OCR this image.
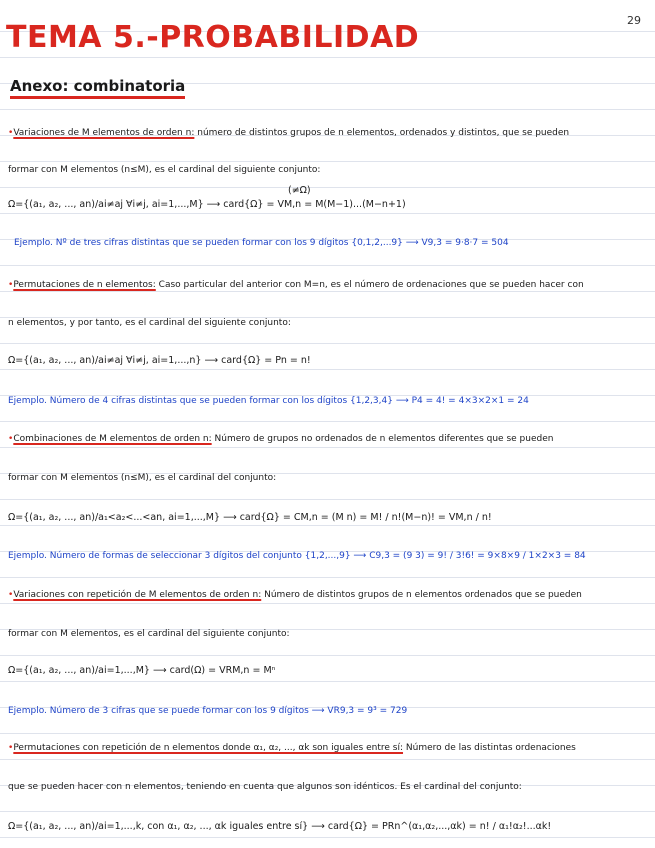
29
TEMA 5.-PROBABILIDAD
Anexo: combinatoria
•Variaciones de M elementos de orden n: número de distintos grupos de n elementos, ordenados y distintos, que se pueden
formar con M elementos (n≤M), es el cardinal del siguiente conjunto:
(≠Ω)
Ω={(a₁, a₂, ..., an)/ai≠aj ∀i≠j, ai=1,...,M} ⟶ card{Ω} = VM,n = M(M−1)...(M−n+1)
Ejemplo. Nº de tres cifras distintas que se pueden formar con los 9 dígitos {0,1,2,...9} ⟶ V9,3 = 9·8·7 = 504
•Permutaciones de n elementos: Caso particular del anterior con M=n, es el número de ordenaciones que se pueden hacer con
n elementos, y por tanto, es el cardinal del siguiente conjunto:
Ω={(a₁, a₂, ..., an)/ai≠aj ∀i≠j, ai=1,...,n} ⟶ card{Ω} = Pn = n!
Ejemplo. Número de 4 cifras distintas que se pueden formar con los dígitos {1,2,3,4} ⟶ P4 = 4! = 4×3×2×1 = 24
•Combinaciones de M elementos de orden n: Número de grupos no ordenados de n elementos diferentes que se pueden
formar con M elementos (n≤M), es el cardinal del conjunto:
Ω={(a₁, a₂, ..., an)/a₁<a₂<...<an, ai=1,...,M} ⟶ card{Ω} = CM,n = (M n) = M! / n!(M−n)! = VM,n / n!
Ejemplo. Número de formas de seleccionar 3 dígitos del conjunto {1,2,...,9} ⟶ C9,3 = (9 3) = 9! / 3!6! = 9×8×9 / 1×2×3 = 84
•Variaciones con repetición de M elementos de orden n: Número de distintos grupos de n elementos ordenados que se pueden
formar con M elementos, es el cardinal del siguiente conjunto:
Ω={(a₁, a₂, ..., an)/ai=1,...,M} ⟶ card(Ω) = VRM,n = Mⁿ
Ejemplo. Número de 3 cifras que se puede formar con los 9 dígitos ⟶ VR9,3 = 9³ = 729
•Permutaciones con repetición de n elementos donde α₁, α₂, ..., αk son iguales entre sí: Número de las distintas ordenaciones
que se pueden hacer con n elementos, teniendo en cuenta que algunos son idénticos. Es el cardinal del conjunto:
Ω={(a₁, a₂, ..., an)/ai=1,...,k, con α₁, α₂, ..., αk iguales entre sí} ⟶ card{Ω} = PRn^(α₁,α₂,...,αk) = n! / α₁!α₂!...αk!
